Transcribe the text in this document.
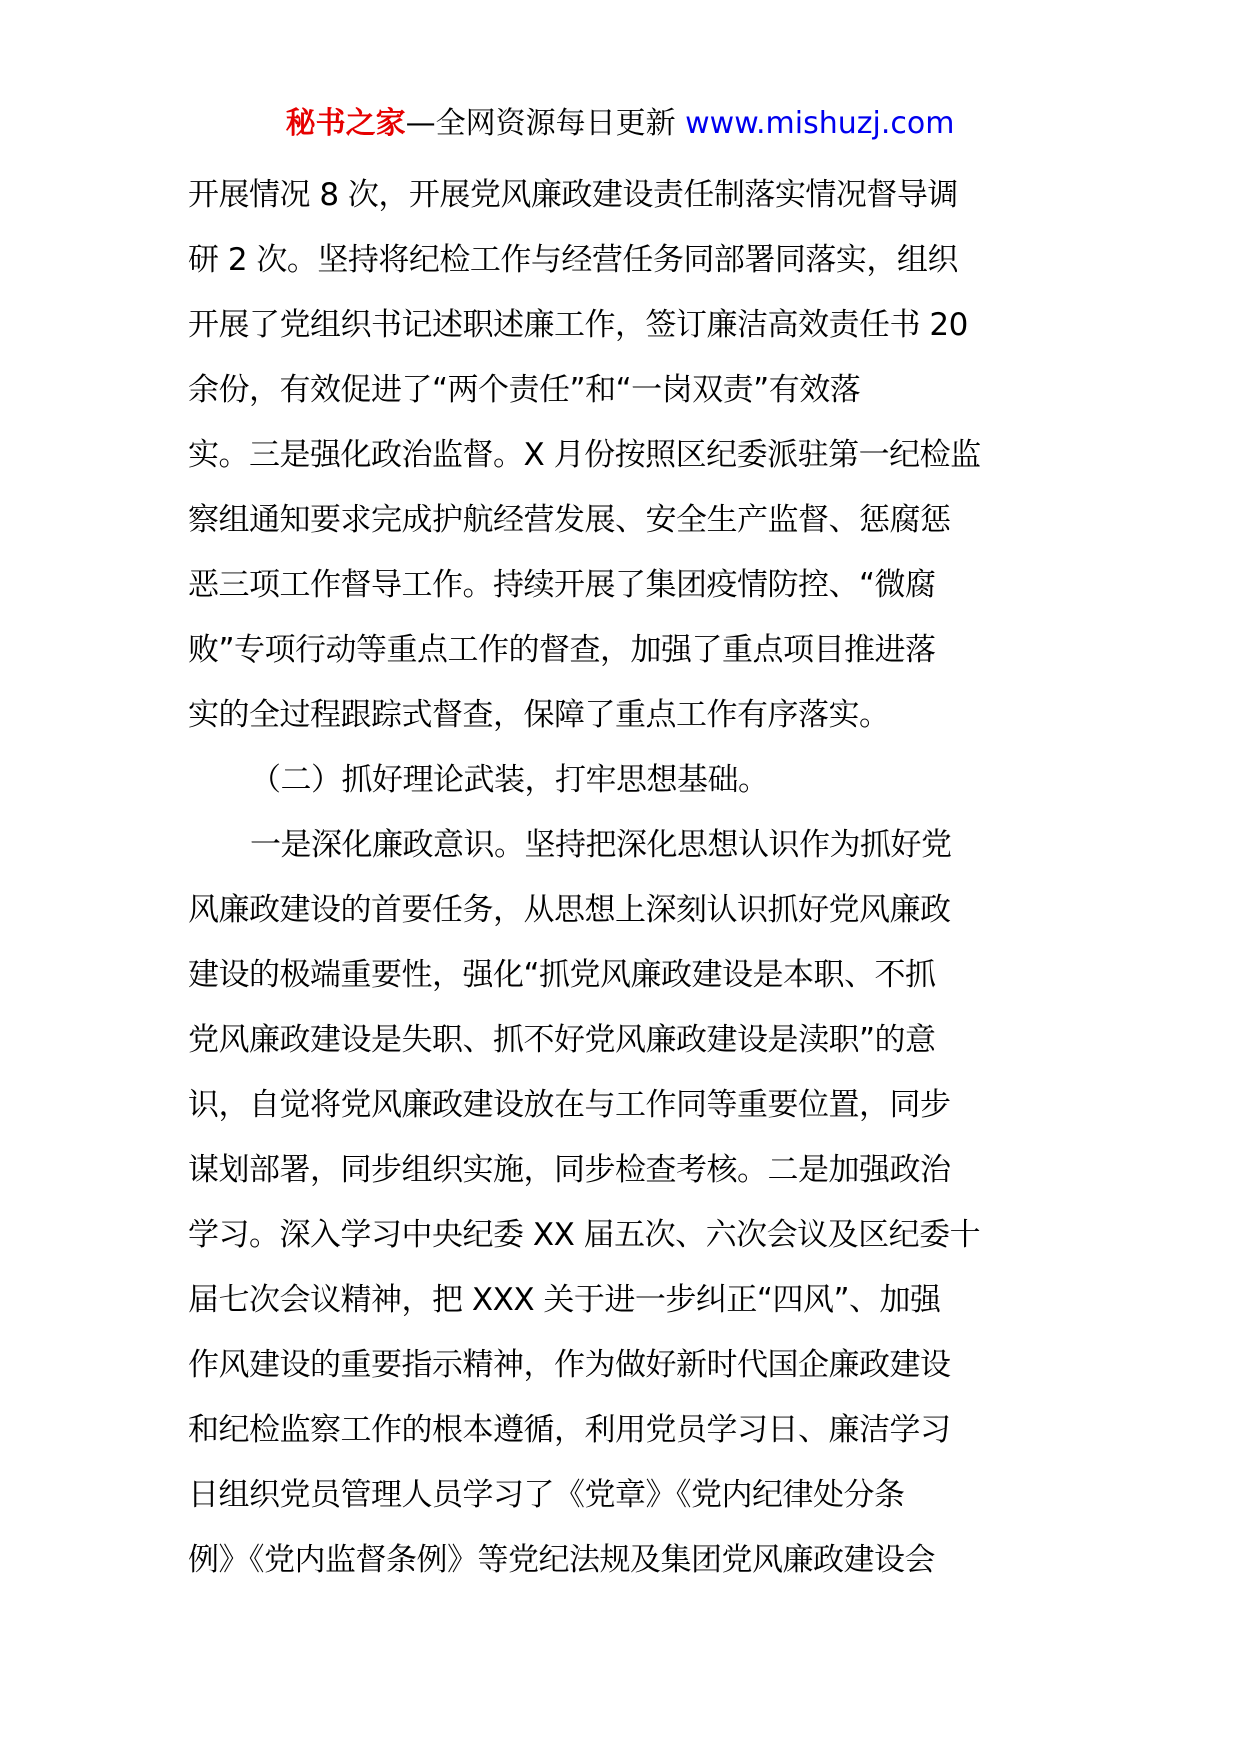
秘书之家—全网资源每日更新 www.mishuzj.com
开展情况 8 次，开展党风廉政建设责任制落实情况督导调
研 2 次。坚持将纪检工作与经营任务同部署同落实，组织
开展了党组织书记述职述廉工作，签订廉洁高效责任书 20
余份，有效促进了“两个责任”和“一岗双责”有效落
实。三是强化政治监督。X 月份按照区纪委派驻第一纪检监
察组通知要求完成护航经营发展、安全生产监督、惩腐惩
恶三项工作督导工作。持续开展了集团疫情防控、“微腐
败”专项行动等重点工作的督查，加强了重点项目推进落
实的全过程跟踪式督查，保障了重点工作有序落实。
（二）抓好理论武装，打牢思想基础。
一是深化廉政意识。坚持把深化思想认识作为抓好党
风廉政建设的首要任务，从思想上深刻认识抓好党风廉政
建设的极端重要性，强化“抓党风廉政建设是本职、不抓
党风廉政建设是失职、抓不好党风廉政建设是渎职”的意
识，自觉将党风廉政建设放在与工作同等重要位置，同步
谋划部署，同步组织实施，同步检查考核。二是加强政治
学习。深入学习中央纪委 XX 届五次、六次会议及区纪委十
届七次会议精神，把 XXX 关于进一步纠正“四风”、加强
作风建设的重要指示精神，作为做好新时代国企廉政建设
和纪检监察工作的根本遵循，利用党员学习日、廉洁学习
日组织党员管理人员学习了《党章》《党内纪律处分条
例》《党内监督条例》等党纪法规及集团党风廉政建设会
